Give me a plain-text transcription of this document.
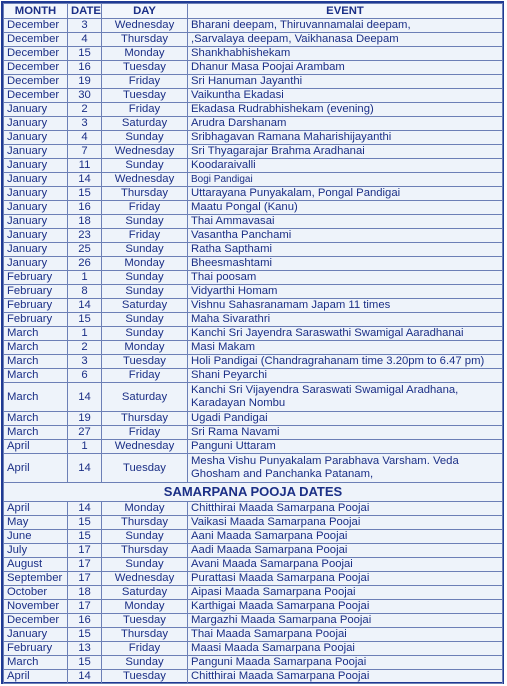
MONTH	DATE	DAY	EVENT
December	3	Wednesday	Bharani deepam, Thiruvannamalai deepam,
December	4	Thursday	,Sarvalaya deepam, Vaikhanasa Deepam
December	15	Monday	Shankhabhishekam
December	16	Tuesday	Dhanur Masa Poojai Arambam
December	19	Friday	Sri Hanuman Jayanthi
December	30	Tuesday	Vaikuntha Ekadasi
January	2	Friday	Ekadasa Rudrabhishekam (evening)
January	3	Saturday	Arudra Darshanam
January	4	Sunday	Sribhagavan Ramana Maharishijayanthi
January	7	Wednesday	Sri Thyagarajar Brahma Aradhanai
January	11	Sunday	Koodaraivalli
January	14	Wednesday	Bogi Pandigai
January	15	Thursday	Uttarayana Punyakalam, Pongal Pandigai
January	16	Friday	Maatu Pongal (Kanu)
January	18	Sunday	Thai Ammavasai
January	23	Friday	Vasantha Panchami
January	25	Sunday	Ratha Sapthami
January	26	Monday	Bheesmashtami
February	1	Sunday	Thai poosam
February	8	Sunday	Vidyarthi Homam
February	14	Saturday	Vishnu Sahasranamam Japam 11 times
February	15	Sunday	Maha Sivarathri
March	1	Sunday	Kanchi Sri Jayendra Saraswathi Swamigal Aaradhanai
March	2	Monday	Masi Makam
March	3	Tuesday	Holi Pandigai (Chandragrahanam time 3.20pm to 6.47 pm)
March	6	Friday	Shani Peyarchi
March	14	Saturday	Kanchi Sri Vijayendra Saraswati Swamigal Aradhana, Karadayan Nombu
March	19	Thursday	Ugadi Pandigai
March	27	Friday	Sri Rama Navami
April	1	Wednesday	Panguni Uttaram
April	14	Tuesday	Mesha Vishu Punyakalam Parabhava Varsham. Veda Ghosham and Panchanka Patanam,
SAMARPANA POOJA DATES			
April	14	Monday	Chitthirai Maada Samarpana Poojai
May	15	Thursday	Vaikasi Maada Samarpana Poojai
June	15	Sunday	Aani Maada Samarpana Poojai
July	17	Thursday	Aadi Maada Samarpana Poojai
August	17	Sunday	Avani Maada Samarpana Poojai
September	17	Wednesday	Purattasi Maada Samarpana Poojai
October	18	Saturday	Aipasi Maada Samarpana Poojai
November	17	Monday	Karthigai Maada Samarpana Poojai
December	16	Tuesday	Margazhi Maada Samarpana Poojai
January	15	Thursday	Thai Maada Samarpana Poojai
February	13	Friday	Maasi Maada Samarpana Poojai
March	15	Sunday	Panguni Maada Samarpana Poojai
April	14	Tuesday	Chitthirai Maada Samarpana Poojai
